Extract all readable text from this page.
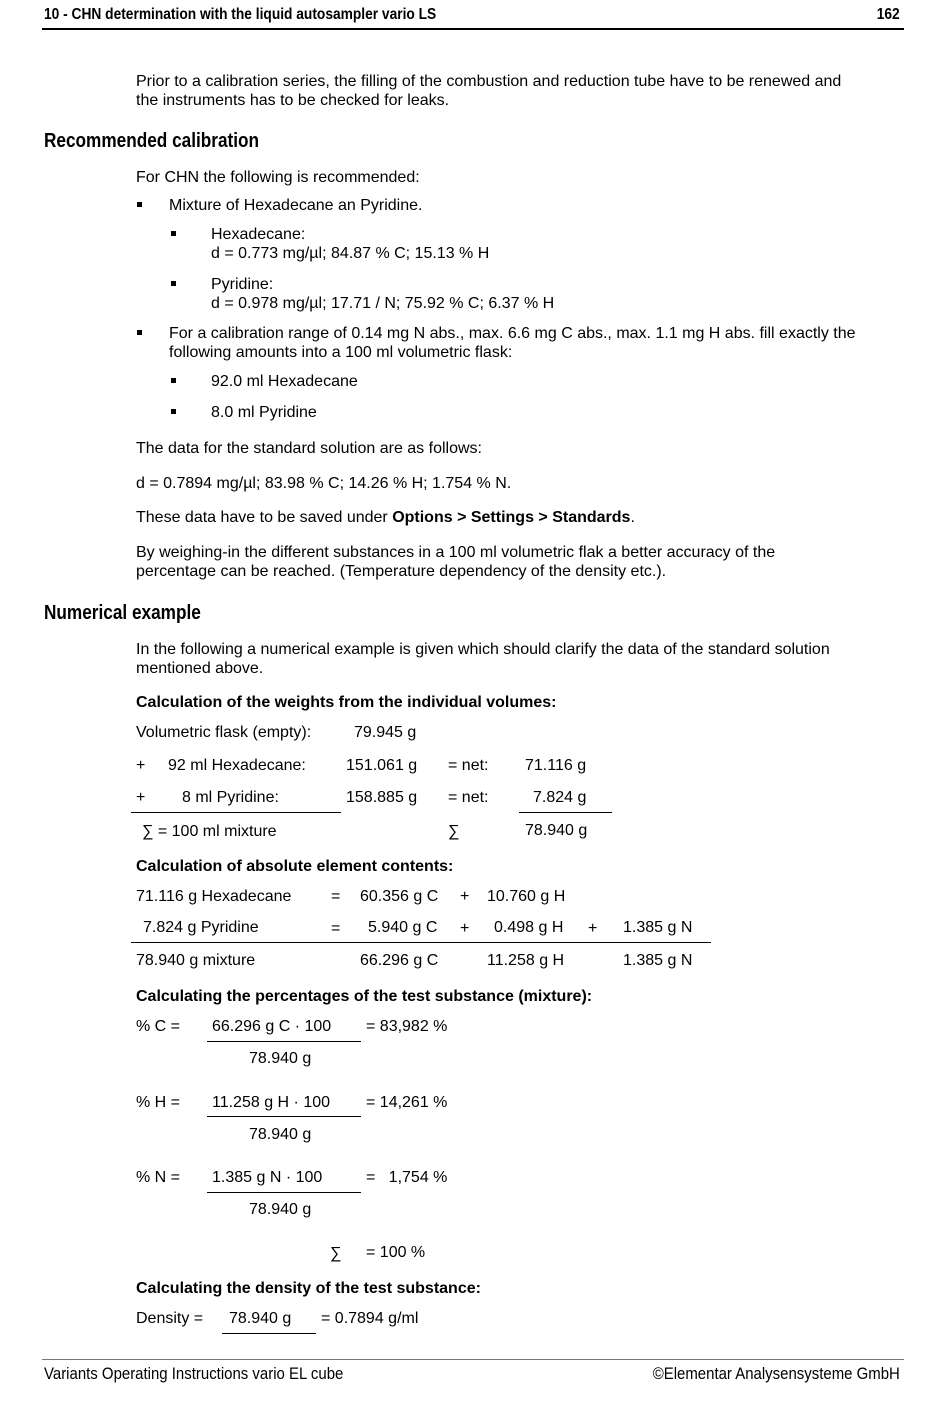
10 - CHN determination with the liquid autosampler vario LS	162
Prior to a calibration series, the filling of the combustion and reduction tube have to be renewed and
the instruments has to be checked for leaks.
Recommended calibration
For CHN the following is recommended:
Mixture of Hexadecane an Pyridine.
Hexadecane:
d = 0.773 mg/µl; 84.87 % C; 15.13 % H
Pyridine:
d = 0.978 mg/µl; 17.71 / N; 75.92 % C; 6.37 % H
For a calibration range of 0.14 mg N abs., max. 6.6 mg C abs., max. 1.1 mg H abs. fill exactly the
following amounts into a 100 ml volumetric flask:
92.0 ml Hexadecane
8.0 ml Pyridine
The data for the standard solution are as follows:
d = 0.7894 mg/µl; 83.98 % C; 14.26 % H; 1.754 % N.
These data have to be saved under Options > Settings > Standards.
By weighing-in the different substances in a 100 ml volumetric flak a better accuracy of the
percentage can be reached. (Temperature dependency of the density etc.).
Numerical example
In the following a numerical example is given which should clarify the data of the standard solution
mentioned above.
Calculation of the weights from the individual volumes:
Volumetric flask (empty):	79.945 g
+ 92 ml Hexadecane:	151.061 g = net: 71.116 g
+ 8 ml Pyridine:	158.885 g = net:	7.824 g
∑ = 100 ml mixture	∑	78.940 g
Calculation of absolute element contents:
71.116 g Hexadecane = 60.356 g C + 10.760 g H
7.824 g Pyridine	= 5.940 g C + 0.498 g H + 1.385 g N
78.940 g mixture	66.296 g C	11.258 g H	1.385 g N
Calculating the percentages of the test substance (mixture):
% C = 66.296 g C · 100 = 83,982 %
78.940 g
% H = 11.258 g H · 100 = 14,261 %
78.940 g
% N = 1.385 g N · 100	=   1,754 %
78.940 g
∑ = 100 %
Calculating the density of the test substance:
Density = 78.940 g = 0.7894 g/ml
Variants Operating Instructions vario EL cube	©Elementar Analysensysteme GmbH
